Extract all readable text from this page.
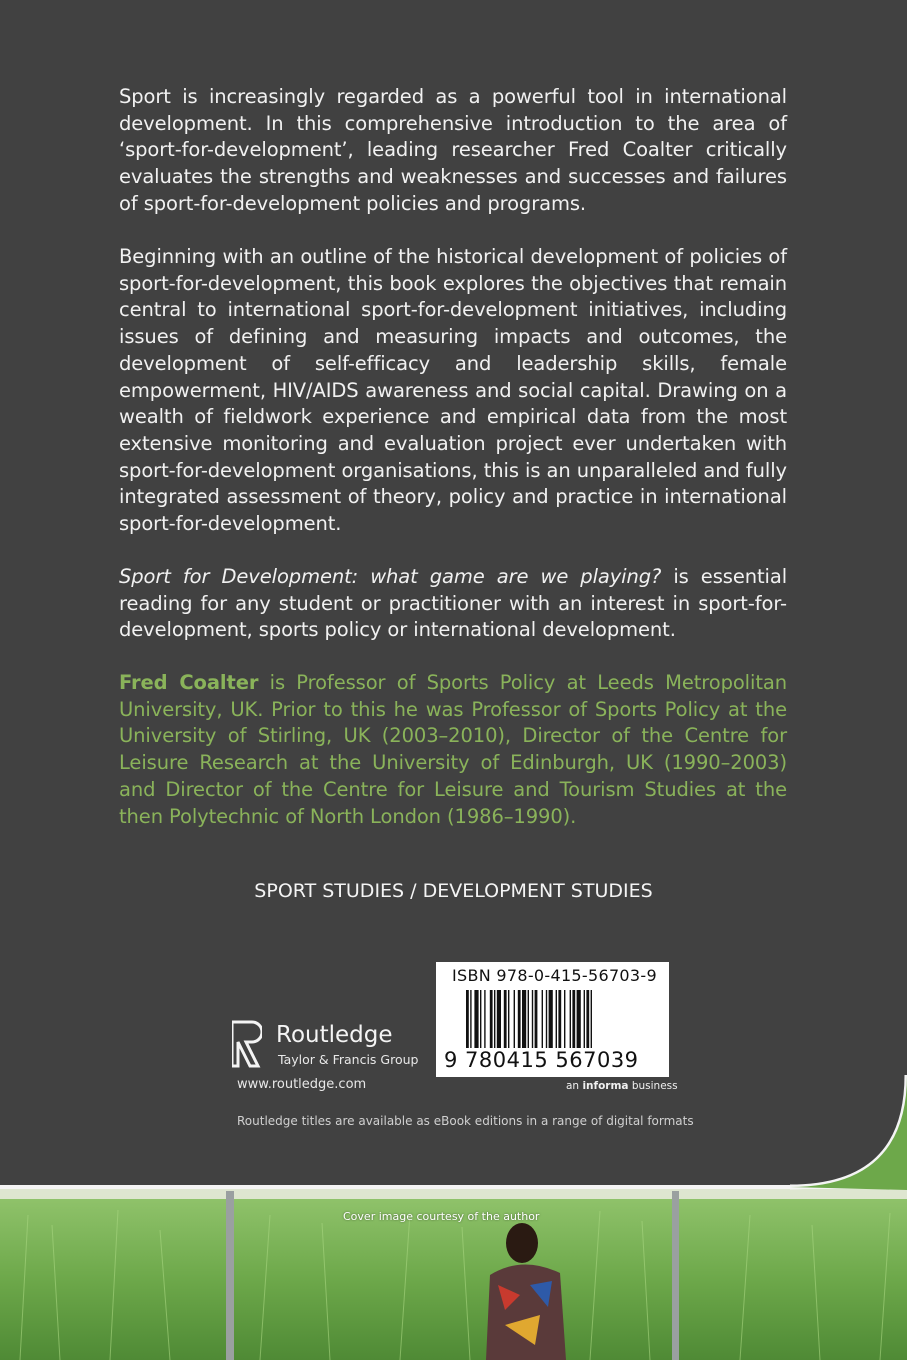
Sport is increasingly regarded as a powerful tool in international development. In this comprehensive introduction to the area of ‘sport-for-development’, leading researcher Fred Coalter critically evaluates the strengths and weaknesses and successes and failures of sport-for-development policies and programs.

Beginning with an outline of the historical development of policies of sport-for-development, this book explores the objectives that remain central to international sport-for-development initiatives, including issues of defining and measuring impacts and outcomes, the development of self-efficacy and leadership skills, female empowerment, HIV/AIDS awareness and social capital. Drawing on a wealth of fieldwork experience and empirical data from the most extensive monitoring and evaluation project ever undertaken with sport-for-development organisations, this is an unparalleled and fully integrated assessment of theory, policy and practice in international sport-for-development.

Sport for Development: what game are we playing? is essential reading for any student or practitioner with an interest in sport-for-development, sports policy or international development.

Fred Coalter is Professor of Sports Policy at Leeds Metropolitan University, UK. Prior to this he was Professor of Sports Policy at the University of Stirling, UK (2003–2010), Director of the Centre for Leisure Research at the University of Edinburgh, UK (1990–2003) and Director of the Centre for Leisure and Tourism Studies at the then Polytechnic of North London (1986–1990).

SPORT STUDIES / DEVELOPMENT STUDIES
Routledge
Taylor & Francis Group
www.routledge.com
Routledge titles are available as eBook editions in a range of digital formats
ISBN 978-0-415-56703-9
9 780415 567039
an informa business
Cover image courtesy of the author
